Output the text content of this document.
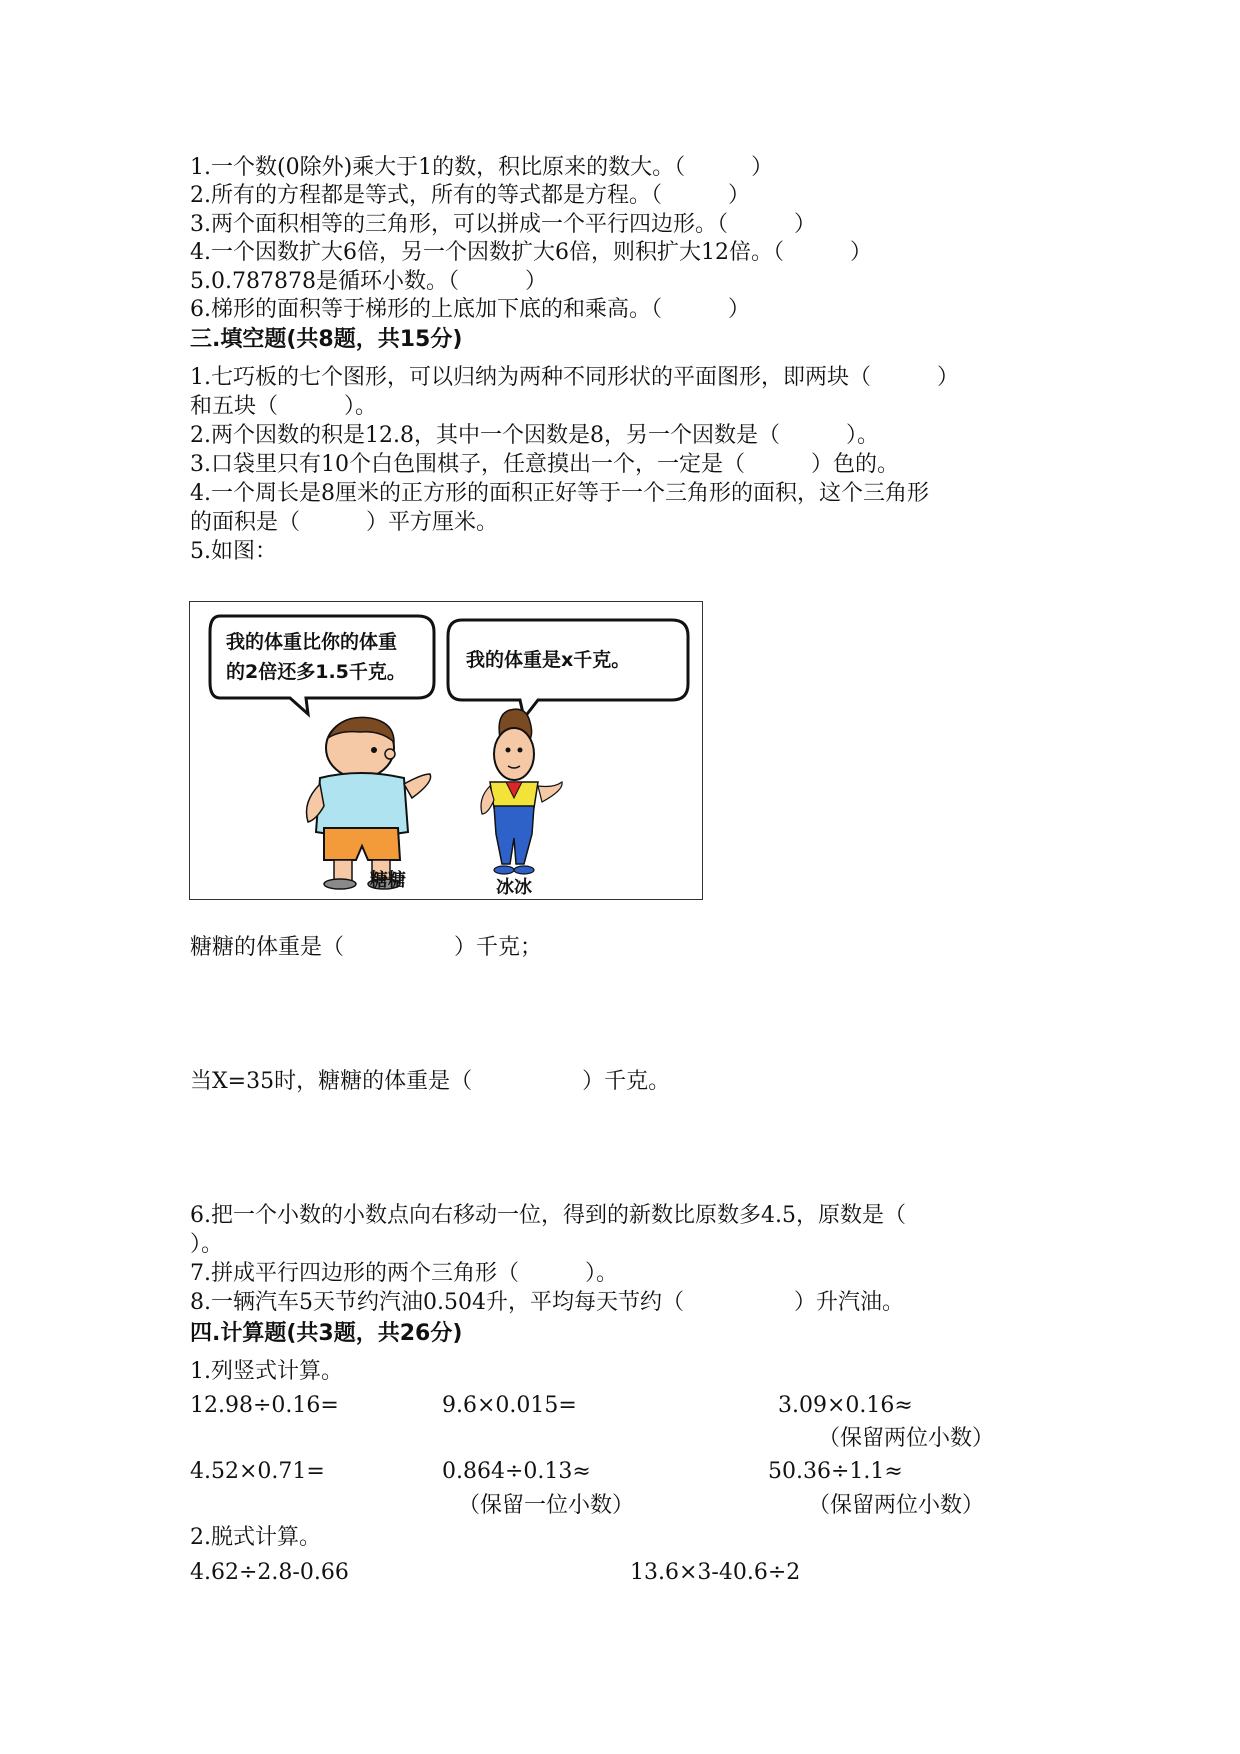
1.一个数(0除外)乘大于1的数，积比原来的数大。（　　　）
2.所有的方程都是等式，所有的等式都是方程。（　　　）
3.两个面积相等的三角形，可以拼成一个平行四边形。（　　　）
4.一个因数扩大6倍，另一个因数扩大6倍，则积扩大12倍。（　　　）
5.0.787878是循环小数。（　　　）
6.梯形的面积等于梯形的上底加下底的和乘高。（　　　）
三.填空题(共8题，共15分)
1.七巧板的七个图形，可以归纳为两种不同形状的平面图形，即两块（　　　）
和五块（　　　）。
2.两个因数的积是12.8，其中一个因数是8，另一个因数是（　　　）。
3.口袋里只有10个白色围棋子，任意摸出一个，一定是（　　　）色的。
4.一个周长是8厘米的正方形的面积正好等于一个三角形的面积，这个三角形
的面积是（　　　）平方厘米。
5.如图：
我的体重比你的体重
的2倍还多1.5千克。
我的体重是x千克。
糖糖	冰冰
糖糖的体重是（　　　　　）千克；
当X=35时，糖糖的体重是（　　　　　）千克。
6.把一个小数的小数点向右移动一位，得到的新数比原数多4.5，原数是（
）。
7.拼成平行四边形的两个三角形（　　　）。
8.一辆汽车5天节约汽油0.504升，平均每天节约（　　　　　）升汽油。
四.计算题(共3题，共26分)
1.列竖式计算。
12.98÷0.16=	9.6×0.015=	3.09×0.16≈
（保留两位小数）
4.52×0.71=	0.864÷0.13≈	50.36÷1.1≈
（保留一位小数）	（保留两位小数）
2.脱式计算。
4.62÷2.8-0.66	13.6×3-40.6÷2
